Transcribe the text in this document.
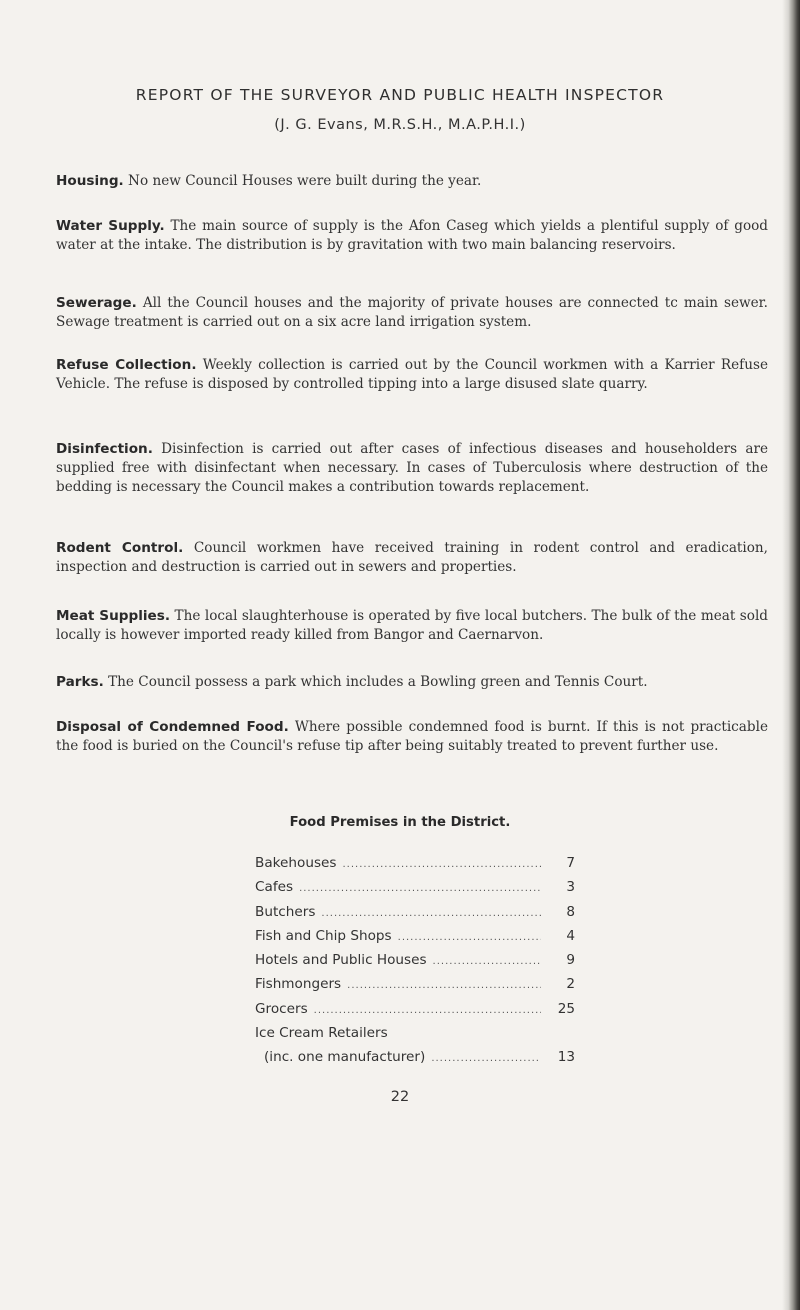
REPORT OF THE SURVEYOR AND PUBLIC HEALTH INSPECTOR
(J. G. Evans, M.R.S.H., M.A.P.H.I.)
Housing. No new Council Houses were built during the year.
Water Supply. The main source of supply is the Afon Caseg which yields a plentiful supply of good water at the intake. The distribution is by gravitation with two main balancing reservoirs.
Sewerage. All the Council houses and the majority of private houses are connected tc main sewer. Sewage treatment is carried out on a six acre land irrigation system.
Refuse Collection. Weekly collection is carried out by the Council workmen with a Karrier Refuse Vehicle. The refuse is disposed by controlled tipping into a large disused slate quarry.
Disinfection. Disinfection is carried out after cases of infectious diseases and householders are supplied free with disinfectant when necessary. In cases of Tuberculosis where destruction of the bedding is necessary the Council makes a contribution towards replacement.
Rodent Control. Council workmen have received training in rodent control and eradication, inspection and destruction is carried out in sewers and properties.
Meat Supplies. The local slaughterhouse is operated by five local butchers. The bulk of the meat sold locally is however imported ready killed from Bangor and Caernarvon.
Parks. The Council possess a park which includes a Bowling green and Tennis Court.
Disposal of Condemned Food. Where possible condemned food is burnt. If this is not practicable the food is buried on the Council's refuse tip after being suitably treated to prevent further use.
Food Premises in the District.
Bakehouses .....	7
Cafes .....	3
Butchers .....	8
Fish and Chip Shops .....	4
Hotels and Public Houses .....	9
Fishmongers .....	2
Grocers .....	25
Ice Cream Retailers
(inc. one manufacturer) .....	13
22
